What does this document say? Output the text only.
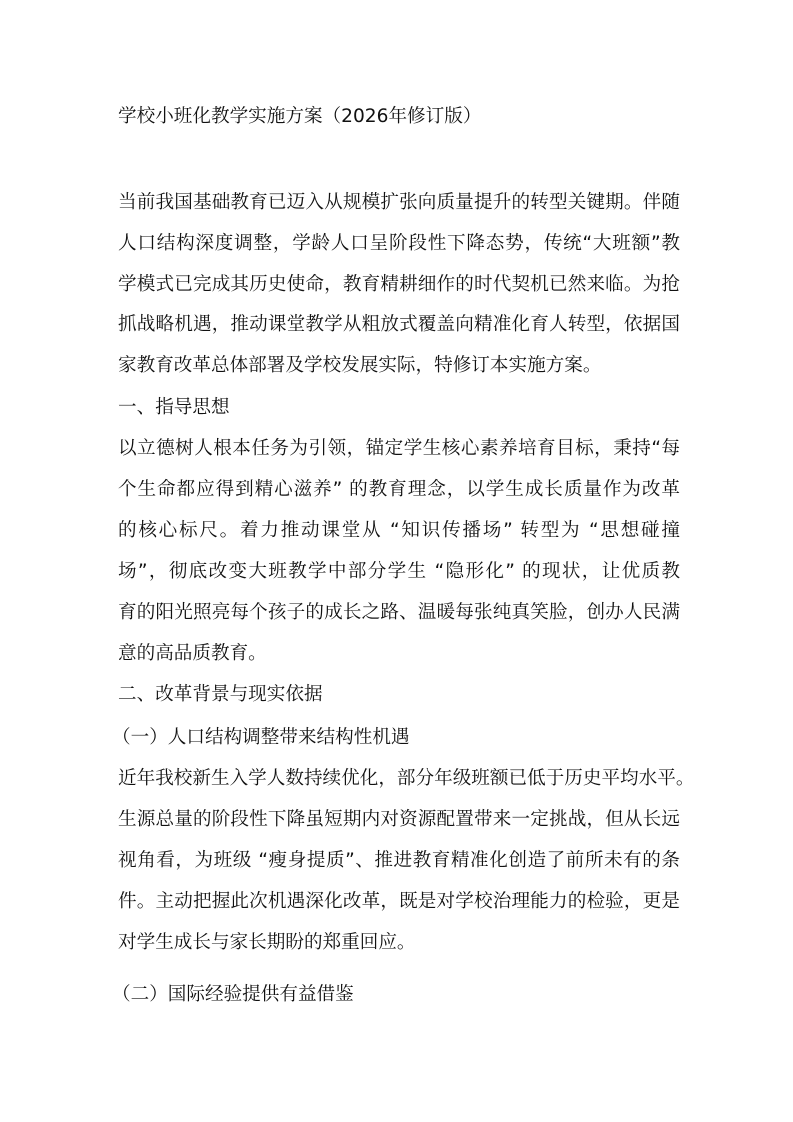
学校小班化教学实施方案（2026年修订版）
当前我国基础教育已迈入从规模扩张向质量提升的转型关键期。伴随
人口结构深度调整，学龄人口呈阶段性下降态势，传统“大班额”教
学模式已完成其历史使命，教育精耕细作的时代契机已然来临。为抢
抓战略机遇，推动课堂教学从粗放式覆盖向精准化育人转型，依据国
家教育改革总体部署及学校发展实际，特修订本实施方案。
一、指导思想
以立德树人根本任务为引领，锚定学生核心素养培育目标，秉持“每
个生命都应得到精心滋养” 的教育理念，以学生成长质量作为改革
的核心标尺。着力推动课堂从 “知识传播场” 转型为 “思想碰撞
场”，彻底改变大班教学中部分学生 “隐形化” 的现状，让优质教
育的阳光照亮每个孩子的成长之路、温暖每张纯真笑脸，创办人民满
意的高品质教育。
二、改革背景与现实依据
（一）人口结构调整带来结构性机遇
近年我校新生入学人数持续优化，部分年级班额已低于历史平均水平。
生源总量的阶段性下降虽短期内对资源配置带来一定挑战，但从长远
视角看，为班级 “瘦身提质”、推进教育精准化创造了前所未有的条
件。主动把握此次机遇深化改革，既是对学校治理能力的检验，更是
对学生成长与家长期盼的郑重回应。
（二）国际经验提供有益借鉴
